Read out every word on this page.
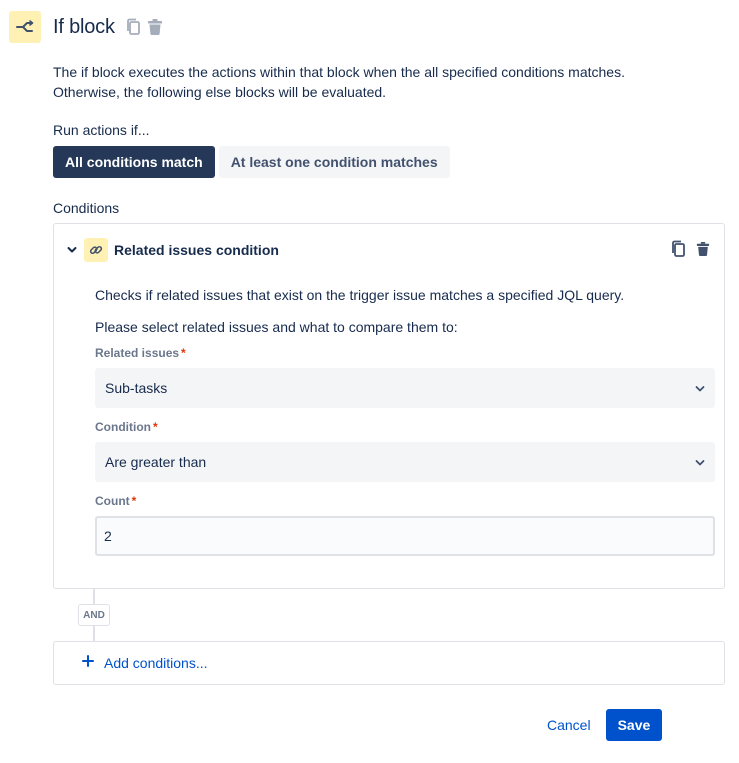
If block
The if block executes the actions within that block when the all specified conditions matches.
Otherwise, the following else blocks will be evaluated.
Run actions if...
All conditions match	At least one condition matches
Conditions
Related issues condition
Checks if related issues that exist on the trigger issue matches a specified JQL query.
Please select related issues and what to compare them to:
Related issues *
Sub-tasks
Condition *
Are greater than
Count *
2
AND
Add conditions...
Cancel	Save
